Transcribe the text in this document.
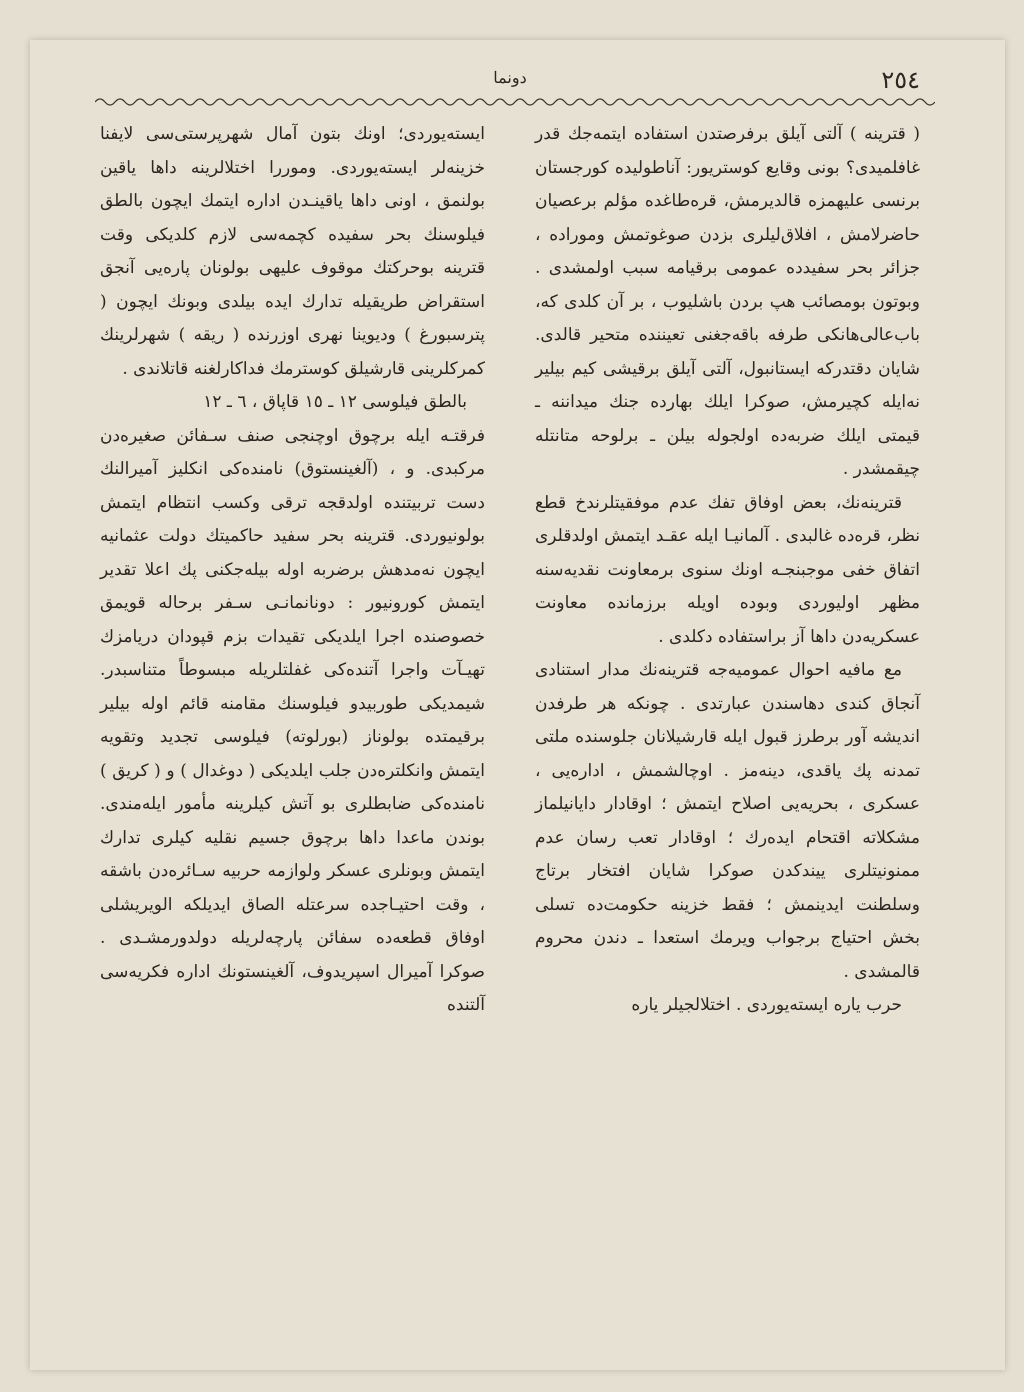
٢٥٤
دونما

( قترینه ) آلتی آیلق برفرصتدن استفاده ایتمه‌جك قدر غافلمیدی؟ بونی وقایع کوستریور: آناطولیده کورجستان برنسی علیهمزه قالدیرمش، قره‌طاغده مؤلم برعصیان حاضرلامش ، افلاق‌لیلری بزدن صوغوتمش وموراده ، جزائر بحر سفیدده عمومی برقیامه سبب اولمشدی . وبوتون بومصائب هپ بردن باشلیوب ، بر آن کلدی که، باب‌عالی‌هانکی طرفه باقه‌جغنی تعیننده متحیر قالدی. شایان دقتدرکه ایستانبول، آلتی آیلق برقیشی کیم بیلیر نه‌ایله کچیرمش، صوکرا ایلك بهارده جنك میداننه ـ قیمتی ایلك ضربه‌ده اولجوله بیلن ـ برلوحه متانتله چیقمشدر .

قترینه‌نك، بعض اوفاق تفك عدم موفقیتلرندخ قطع نظر، قره‌ده غالبدی . آلمانیـا ایله عقـد ایتمش اولدقلری اتفاق خفی موجبنجـه اونك سنوی برمعاونت نقدیه‌سنه مظهر اولیوردی وبوده اویله برزمانده معاونت عسکریه‌دن داها آز براستفاده دکلدی .

مع مافیه احوال عمومیه‌جه قترینه‌نك مدار استنادی آنجاق کندی دهاسندن عبارتدی . چونکه هر طرفدن اندیشه آور برطرز قبول ایله قارشیلانان جلوسنده ملتی تمدنه پك یاقدی، دینه‌مز . اوچالشمش ، اداره‌یی ، عسکری ، بحریه‌یی اصلاح ایتمش ؛ اوقادار دایانیلماز مشکلاته اقتحام ایده‌رك ؛ اوقادار تعب رسان عدم ممنونیتلری ییندکدن صوکرا شایان افتخار برتاج وسلطنت ایدینمش ؛ فقط خزینه حکومت‌ده تسلی بخش احتیاج برجواب ویرمك استعدا ـ دندن محروم قالمشدی .

حرب یاره ایسته‌یوردی . اختلالجیلر یاره

ایسته‌یوردی؛ اونك بتون آمال شهرپرستی‌سی لایفنا خزینه‌لر ایسته‌یوردی. وموررا اختلالرینه داها یاقین بولنمق ، اونی داها یاقینـدن اداره ایتمك ایچون بالطق فیلوسنك بحر سفیده کچمه‌سی لازم کلدیکی وقت قترینه بوحرکتك موقوف علیهی بولونان پاره‌یی آنجق استقراض طریقیله تدارك ایده بیلدی وبونك ایچون ( پترسبورغ ) ودیوینا نهری اوزرنده ( ریقه ) شهرلرینك کمرکلرینی قارشیلق کوسترمك فداکارلغنه قاتلاندی .

بالطق فیلوسی ١٢ ـ ١٥ قاپاق ، ٦ ـ ١٢

فرقتـه ایله برچوق اوچنجی صنف سـفائن صغیره‌دن مرکبدی. و ، (آلغینستوق) نامنده‌کی انکلیز آمیرالنك دست تربیتنده اولدقجه ترقی وکسب انتظام ایتمش بولونیوردی. قترینه بحر سفید حاکمیتك دولت عثمانیه ایچون نه‌مدهش برضربه اوله بیله‌جکنی پك اعلا تقدیر ایتمش کورونیور : دونانمانـی سـفر برحاله قویمق خصوصنده اجرا ایلدیکی تقیدات بزم قپودان دریامزك تهیـآت واجرا آتنده‌کی غفلتلریله مبسوطاً متناسبدر. شیمدیکی طوربیدو فیلوسنك مقامنه قائم اوله بیلیر برقیمتده بولوناز (بورلوته) فیلوسی تجدید وتقویه ایتمش وانکلتره‌دن جلب ایلدیکی ( دوغدال ) و ( کریق ) نامنده‌کی ضابطلری بو آتش کیلرینه مأمور ایله‌مندی. بوندن ماعدا داها برچوق جسیم نقلیه کیلری تدارك ایتمش وبونلری عسکر ولوازمه حربیه سـائره‌دن باشقه ، وقت احتیـاجده سرعتله الصاق ایدیلکه الویریشلی اوفاق قطعه‌ده سفائن پارچه‌لریله دولدورمشـدی . صوکرا آمیرال اسپریدوف، آلغینستونك اداره فکریه‌سی آلتنده
